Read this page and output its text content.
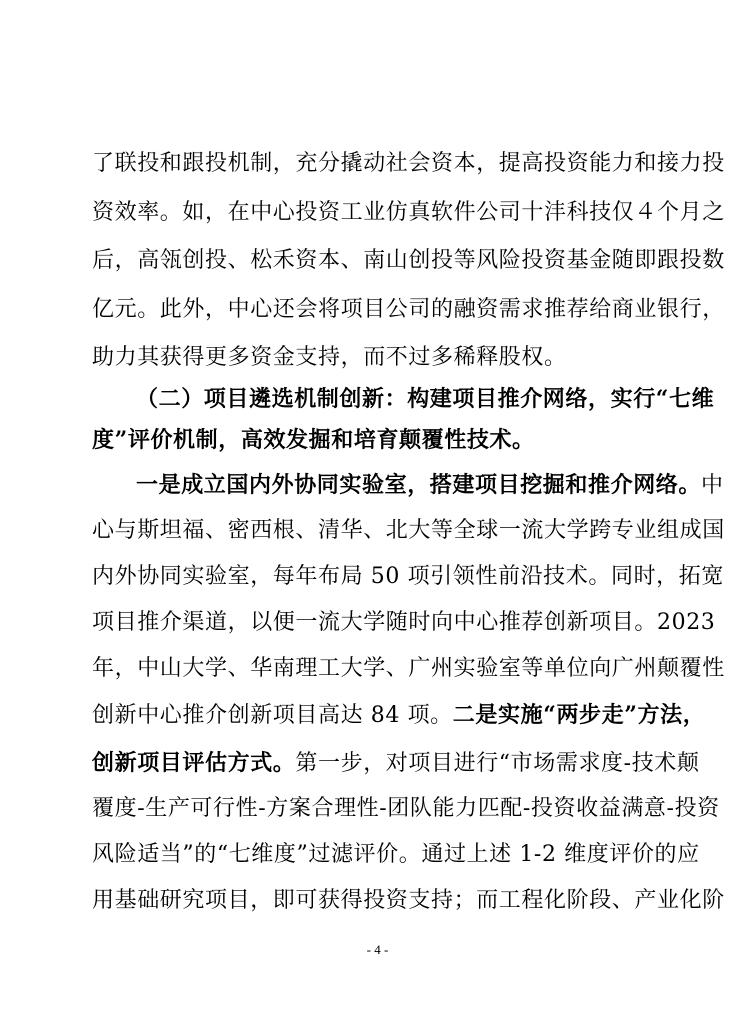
了联投和跟投机制，充分撬动社会资本，提高投资能力和接力投
资效率。如，在中心投资工业仿真软件公司十沣科技仅４个月之
后，高瓴创投、松禾资本、南山创投等风险投资基金随即跟投数
亿元。此外，中心还会将项目公司的融资需求推荐给商业银行，
助力其获得更多资金支持，而不过多稀释股权。
（二）项目遴选机制创新：构建项目推介网络，实行“七维
度”评价机制，高效发掘和培育颠覆性技术。
一是成立国内外协同实验室，搭建项目挖掘和推介网络。中
心与斯坦福、密西根、清华、北大等全球一流大学跨专业组成国
内外协同实验室，每年布局 50 项引领性前沿技术。同时，拓宽
项目推介渠道，以便一流大学随时向中心推荐创新项目。2023
年，中山大学、华南理工大学、广州实验室等单位向广州颠覆性
创新中心推介创新项目高达 84 项。二是实施“两步走”方法，
创新项目评估方式。第一步，对项目进行“市场需求度-技术颠
覆度-生产可行性-方案合理性-团队能力匹配-投资收益满意-投资
风险适当”的“七维度”过滤评价。通过上述 1-2 维度评价的应
用基础研究项目，即可获得投资支持；而工程化阶段、产业化阶
- 4 -
